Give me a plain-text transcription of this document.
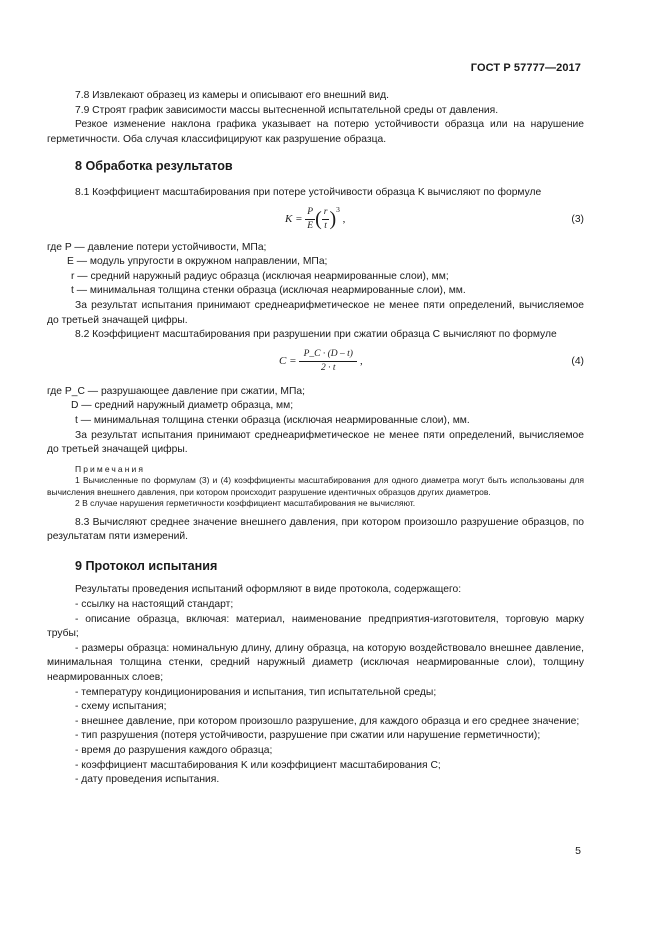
ГОСТ Р 57777—2017

7.8 Извлекают образец из камеры и описывают его внешний вид.

7.9 Строят график зависимости массы вытесненной испытательной среды от давления.

Резкое изменение наклона графика указывает на потерю устойчивости образца или на нарушение герметичности. Оба случая классифицируют как разрушение образца.

8 Обработка результатов

8.1 Коэффициент масштабирования при потере устойчивости образца K вычисляют по формуле

$K = \frac{P}{E}$ ( $\frac{r}{t} )^3$ ,	(3)

где P — давление потери устойчивости, МПа;

E — модуль упругости в окружном направлении, МПа;

r — средний наружный радиус образца (исключая неармированные слои), мм;

t — минимальная толщина стенки образца (исключая неармированные слои), мм.

За результат испытания принимают среднеарифметическое не менее пяти определений, вычисляемое до третьей значащей цифры.

8.2 Коэффициент масштабирования при разрушении при сжатии образца C вычисляют по формуле

$C = \frac{P\_C \cdot (D - t)}{2 \cdot t}$ ,	(4)

где P_C — разрушающее давление при сжатии, МПа;

D — средний наружный диаметр образца, мм;

t — минимальная толщина стенки образца (исключая неармированные слои), мм.

За результат испытания принимают среднеарифметическое не менее пяти определений, вычисляемое до третьей значащей цифры.

Примечания

1 Вычисленные по формулам (3) и (4) коэффициенты масштабирования для одного диаметра могут быть использованы для вычисления внешнего давления, при котором происходит разрушение идентичных образцов других диаметров.

2 В случае нарушения герметичности коэффициент масштабирования не вычисляют.

8.3 Вычисляют среднее значение внешнего давления, при котором произошло разрушение образцов, по результатам пяти измерений.

9 Протокол испытания

Результаты проведения испытаний оформляют в виде протокола, содержащего:

- ссылку на настоящий стандарт;

- описание образца, включая: материал, наименование предприятия-изготовителя, торговую марку трубы;

- размеры образца: номинальную длину, длину образца, на которую воздействовало внешнее давление, минимальная толщина стенки, средний наружный диаметр (исключая неармированные слои), толщину неармированных слоев;

- температуру кондиционирования и испытания, тип испытательной среды;

- схему испытания;

- внешнее давление, при котором произошло разрушение, для каждого образца и его среднее значение;

- тип разрушения (потеря устойчивости, разрушение при сжатии или нарушение герметичности);

- время до разрушения каждого образца;

- коэффициент масштабирования K или коэффициент масштабирования C;

- дату проведения испытания.

5
